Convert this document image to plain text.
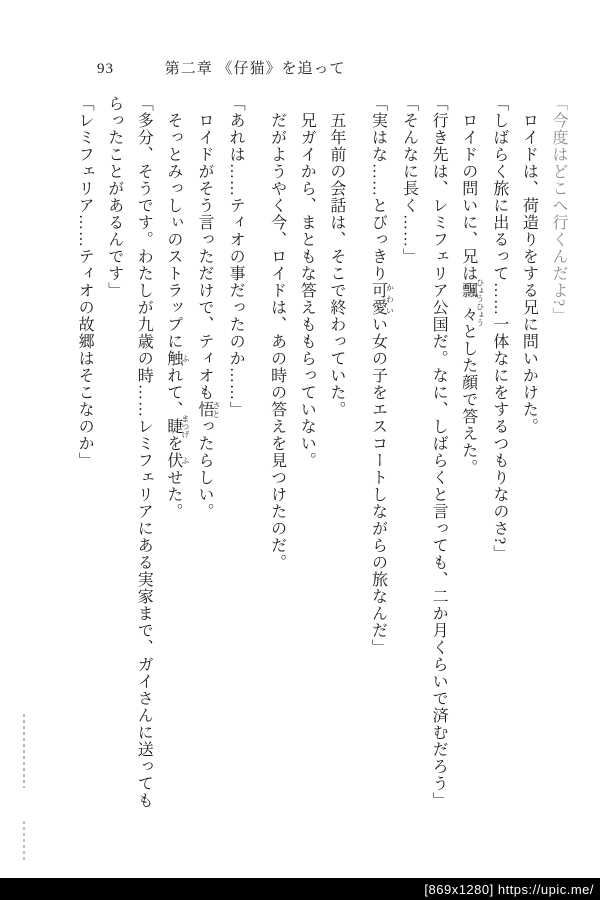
93	第二章 《仔猫》を追って
「今度はどこへ行くんだよ?」
ロイドは、荷造りをする兄に問いかけた。
「しばらく旅に出るって……一体なにをするつもりなのさ?」
ロイドの問いに、兄は飄々 ひょうひょうとした顔で答えた。
「行き先は、レミフェリア公国だ。なに、しばらくと言っても、二か月くらいで済むだろう」
「そんなに長く……」
「実はな……とびっきり可愛 かわいい女の子をエスコートしながらの旅なんだ」
五年前の会話は、そこで終わっていた。
兄ガイから、まともな答えももらっていない。
だがようやく今、ロイドは、あの時の答えを見つけたのだ。
「あれは……ティオの事だったのか……」
ロイドがそう言っただけで、ティオも悟 さとったらしい。
そっとみっしぃのストラップに触 ふれて、睫 まつげを伏 ふせた。
「多分、そうです。わたしが九歳の時……レミフェリアにある実家まで、ガイさんに送ってもらったことがあるんです」
「レミフェリア……ティオの故郷はそこなのか」
[869x1280] https://upic.me/
